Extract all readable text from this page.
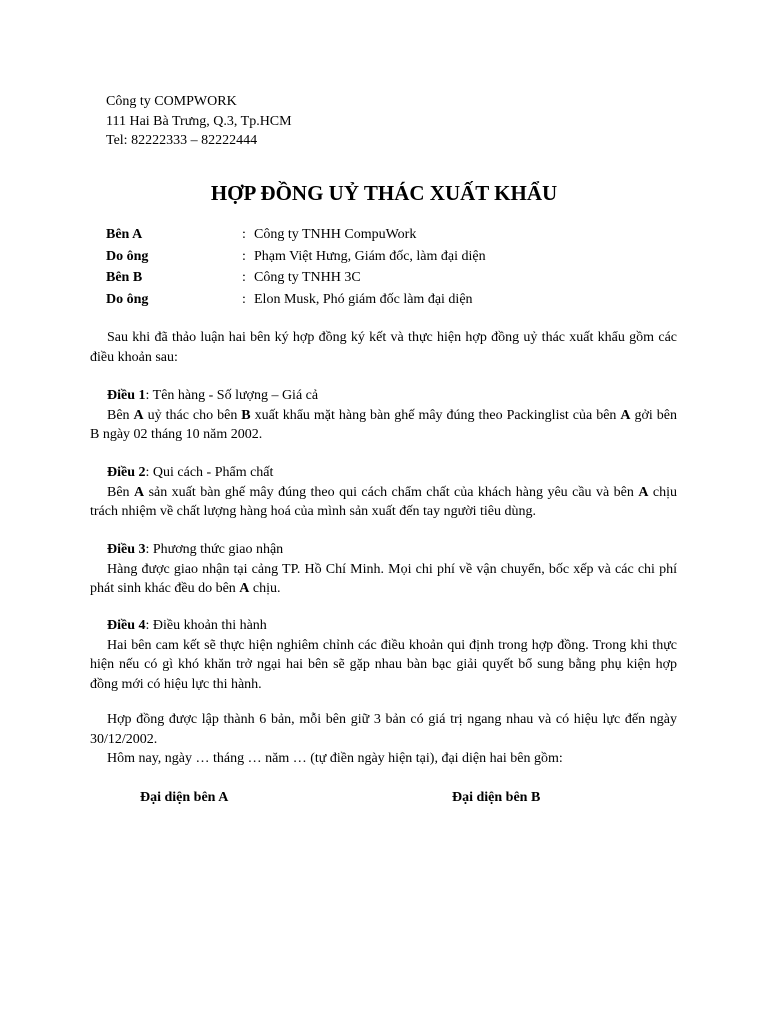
Công ty COMPWORK
111 Hai Bà Trưng, Q.3, Tp.HCM
Tel: 82222333 – 82222444
HỢP ĐỒNG UỶ THÁC XUẤT KHẨU
Bên A	: Công ty TNHH CompuWork
Do ông	: Phạm Việt Hưng, Giám đốc, làm đại diện
Bên B	: Công ty TNHH 3C
Do ông	: Elon Musk, Phó giám đốc làm đại diện
Sau khi đã thảo luận hai bên ký hợp đồng ký kết và thực hiện hợp đồng uỷ thác xuất khẩu gồm các điều khoản sau:
Điều 1: Tên hàng - Số lượng – Giá cả
Bên A uỷ thác cho bên B xuất khẩu mặt hàng bàn ghế mây đúng theo Packinglist của bên A gởi bên B ngày 02 tháng 10 năm 2002.
Điều 2: Qui cách - Phẩm chất
Bên A sản xuất bàn ghế mây đúng theo qui cách chẩm chất của khách hàng yêu cầu và bên A chịu trách nhiệm về chất lượng hàng hoá của mình sản xuất đến tay người tiêu dùng.
Điều 3: Phương thức giao nhận
Hàng được giao nhận tại cảng TP. Hồ Chí Minh. Mọi chi phí về vận chuyển, bốc xếp và các chi phí phát sinh khác đều do bên A chịu.
Điều 4: Điều khoản thi hành
Hai bên cam kết sẽ thực hiện nghiêm chỉnh các điều khoản qui định trong hợp đồng. Trong khi thực hiện nếu có gì khó khăn trở ngại hai bên sẽ gặp nhau bàn bạc giải quyết bổ sung bằng phụ kiện hợp đồng mới có hiệu lực thi hành.
Hợp đồng được lập thành 6 bản, mỗi bên giữ 3 bản có giá trị ngang nhau và có hiệu lực đến ngày 30/12/2002.
Hôm nay, ngày … tháng … năm … (tự điền ngày hiện tại), đại diện hai bên gồm:
Đại diện bên A	Đại diện bên B
